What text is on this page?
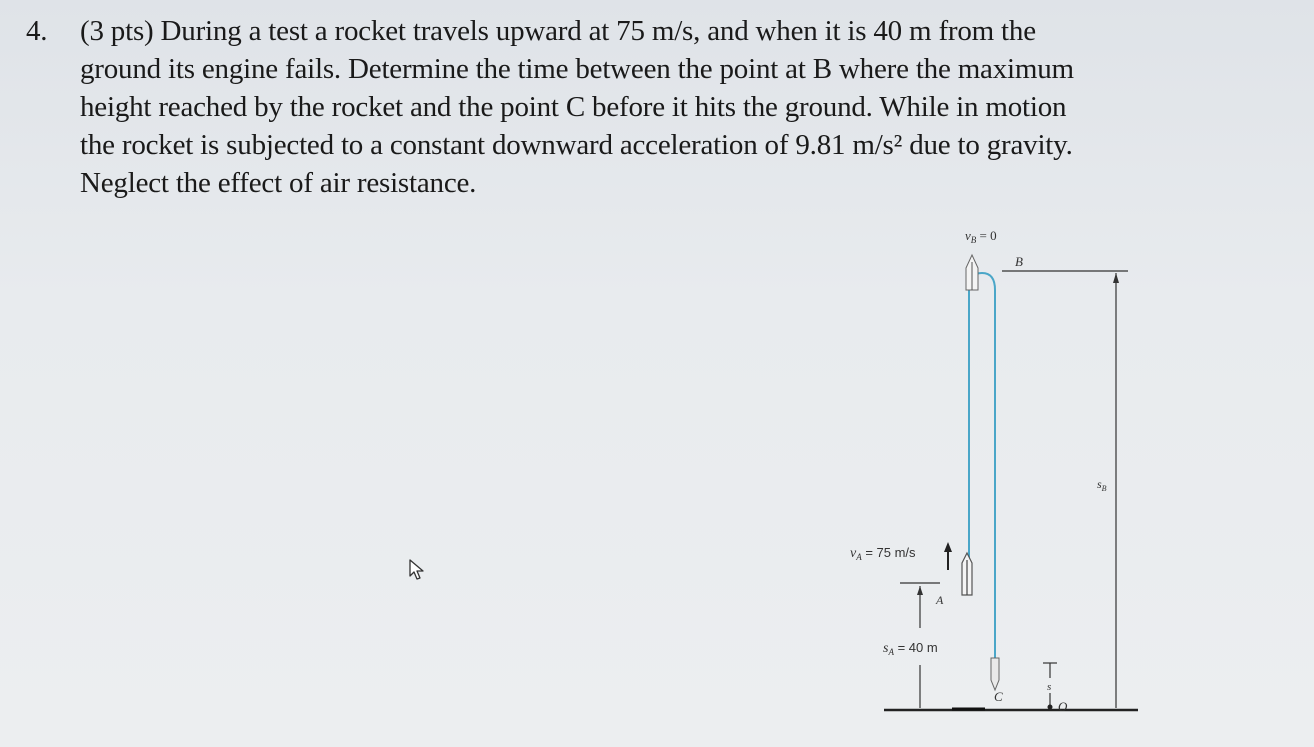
4. (3 pts) During a test a rocket travels upward at 75 m/s, and when it is 40 m from the
ground its engine fails. Determine the time between the point at B where the maximum
height reached by the rocket and the point C before it hits the ground. While in motion
the rocket is subjected to a constant downward acceleration of 9.81 m/s² due to gravity.
Neglect the effect of air resistance.
$v_B = 0$
B
$s_B$
$v_A = 75$ m/s
A
$s_A = 40$ m
C
s
O
